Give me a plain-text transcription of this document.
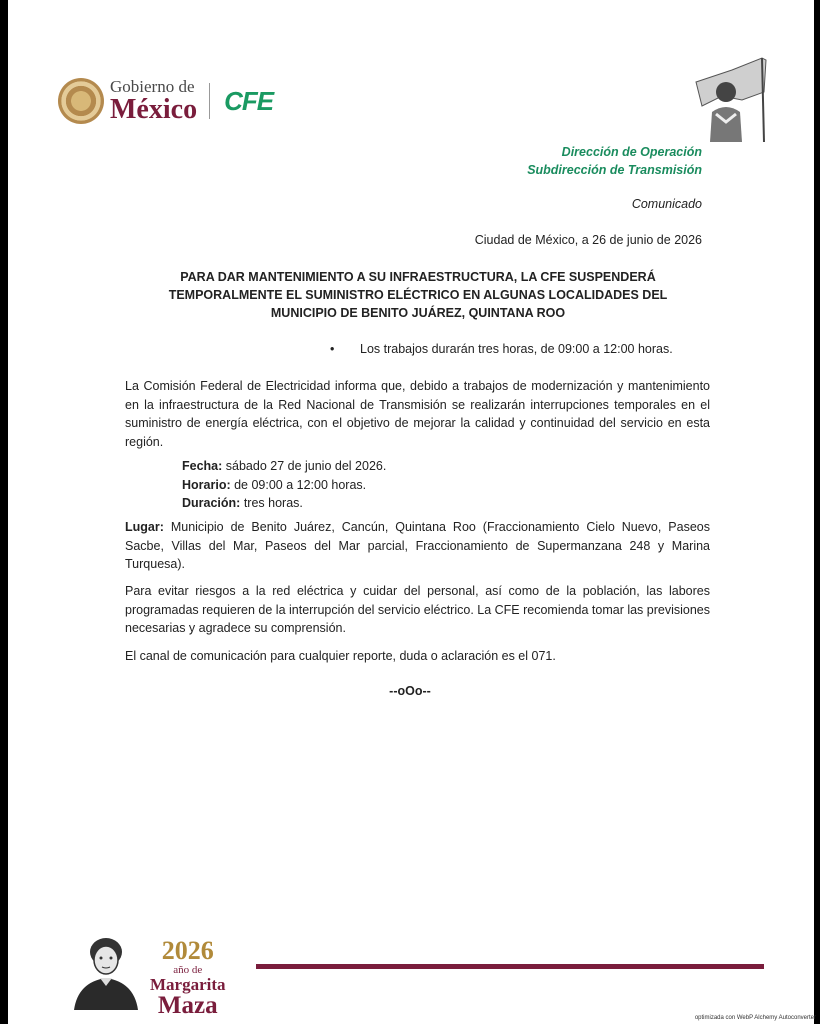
Gobierno de
México CFE
Dirección de Operación
Subdirección de Transmisión
Comunicado
Ciudad de México, a 26 de junio de 2026
PARA DAR MANTENIMIENTO A SU INFRAESTRUCTURA, LA CFE SUSPENDERÁ
TEMPORALMENTE EL SUMINISTRO ELÉCTRICO EN ALGUNAS LOCALIDADES DEL
MUNICIPIO DE BENITO JUÁREZ, QUINTANA ROO
•	Los trabajos durarán tres horas, de 09:00 a 12:00 horas.
La Comisión Federal de Electricidad informa que, debido a trabajos de modernización y mantenimiento en la infraestructura de la Red Nacional de Transmisión se realizarán interrupciones temporales en el suministro de energía eléctrica, con el objetivo de mejorar la calidad y continuidad del servicio en esta región.
Fecha: sábado 27 de junio del 2026.
Horario: de 09:00 a 12:00 horas.
Duración: tres horas.
Lugar: Municipio de Benito Juárez, Cancún, Quintana Roo (Fraccionamiento Cielo Nuevo, Paseos Sacbe, Villas del Mar, Paseos del Mar parcial, Fraccionamiento de Supermanzana 248 y Marina Turquesa).
Para evitar riesgos a la red eléctrica y cuidar del personal, así como de la población, las labores programadas requieren de la interrupción del servicio eléctrico. La CFE recomienda tomar las previsiones necesarias y agradece su comprensión.
El canal de comunicación para cualquier reporte, duda o aclaración es el 071.
--oOo--
2026
año de
Margarita
Maza	optimizada con WebP Alchemy Autoconverter
